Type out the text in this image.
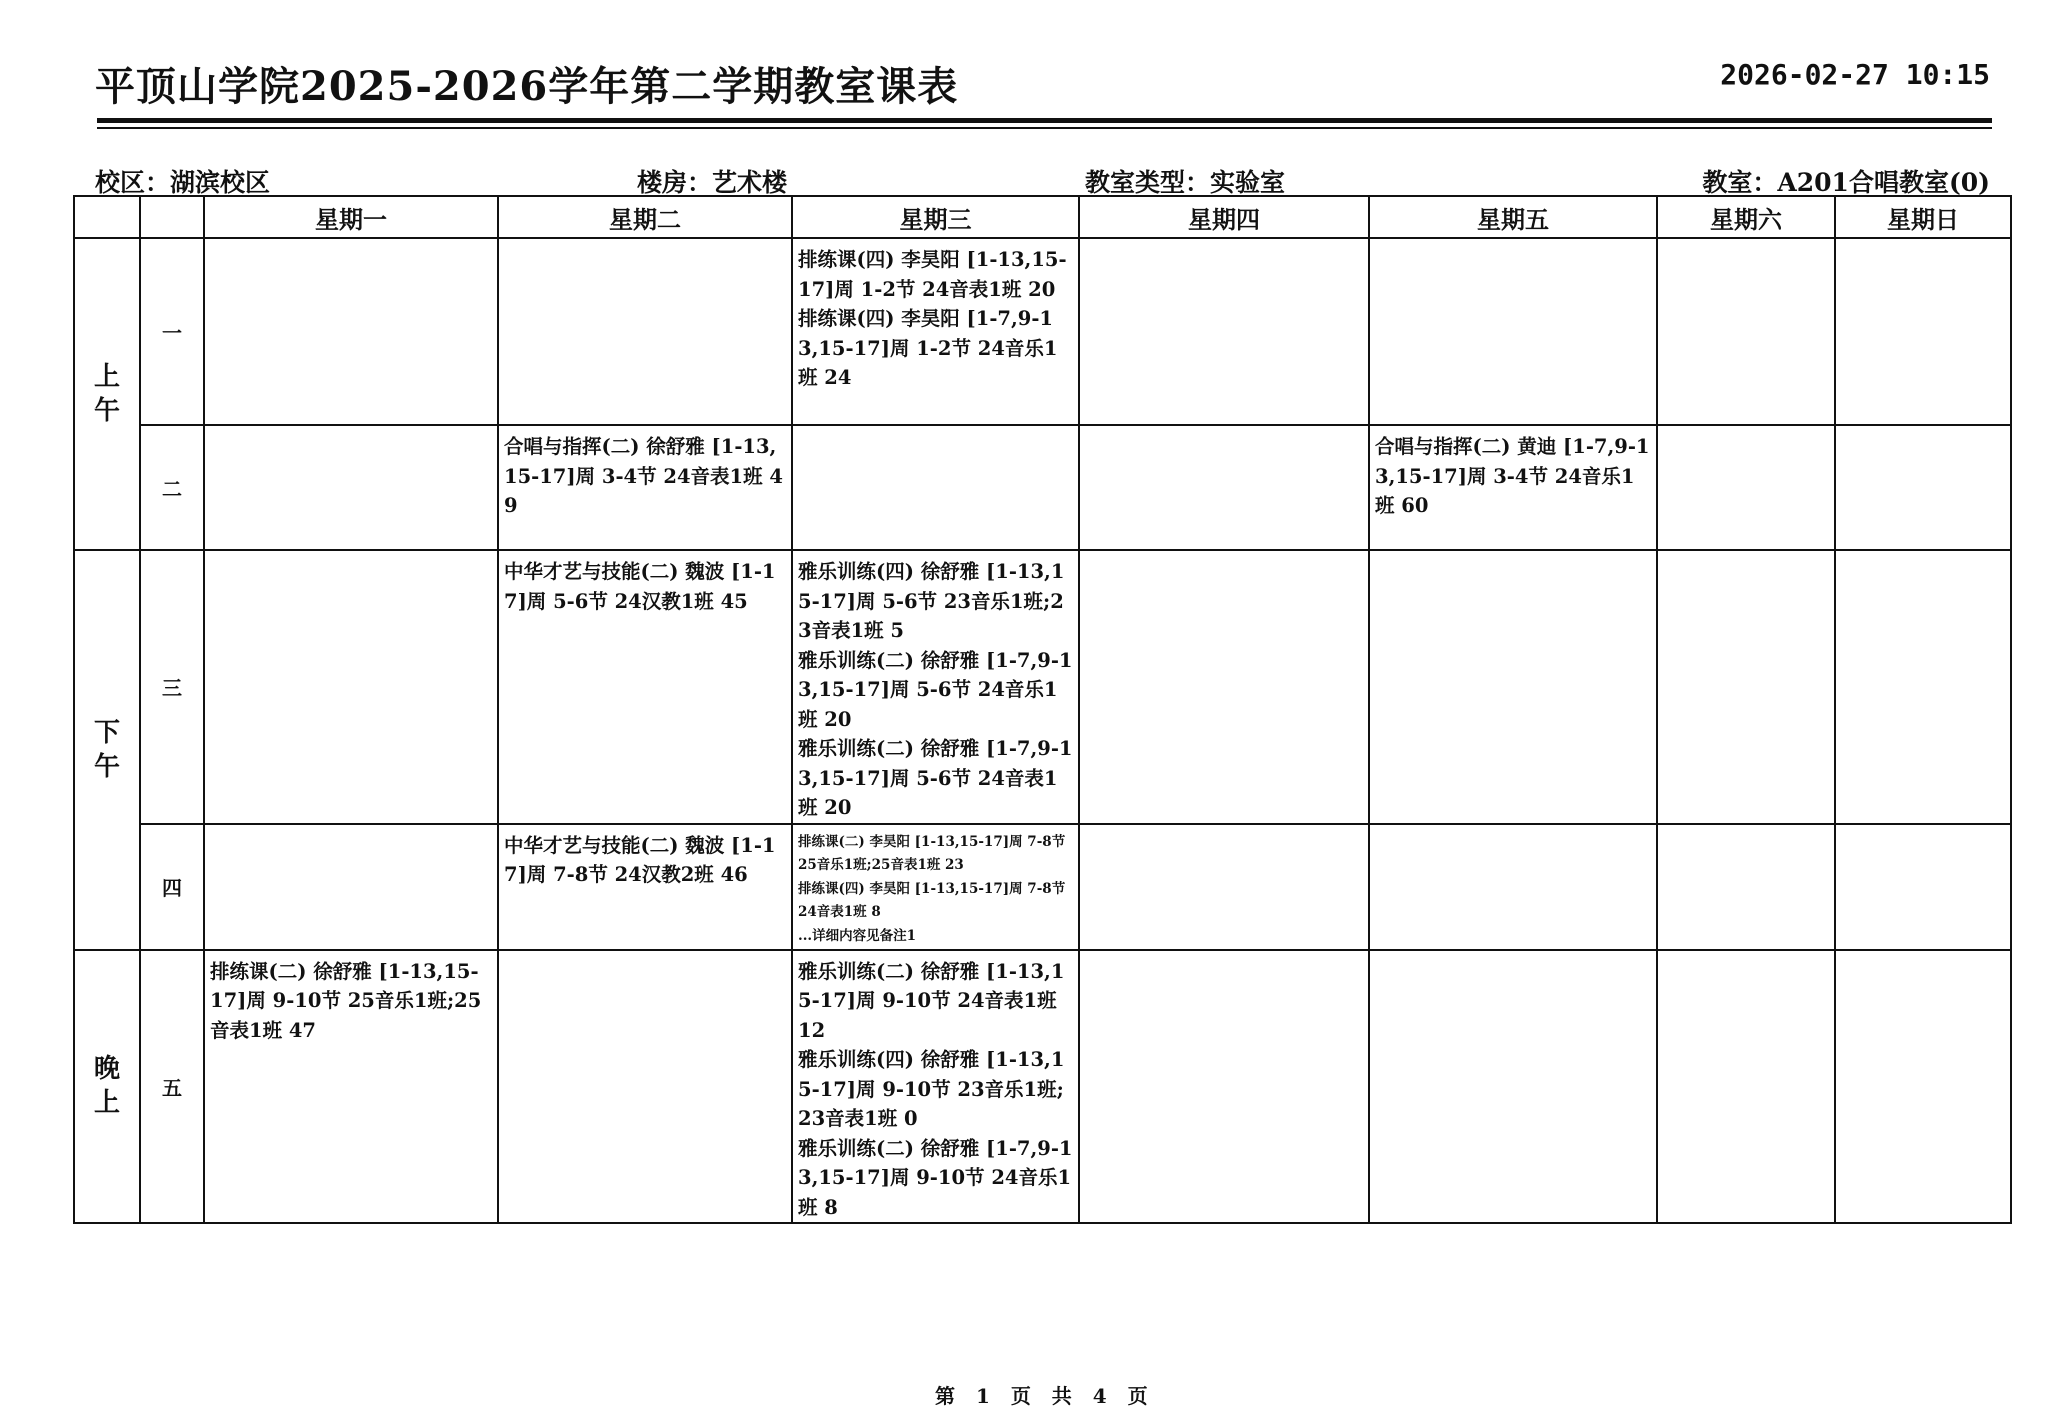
平顶山学院2025-2026学年第二学期教室课表	2026-02-27 10:15
校区：湖滨校区	楼房：艺术楼	教室类型：实验室	教室：A201合唱教室(0)
		星期一	星期二	星期三	星期四	星期五	星期六	星期日
上
午	一			排练课(四) 李昊阳 [1-13,15-17]周 1-2节 24音表1班 20
排练课(四) 李昊阳 [1-7,9-13,15-17]周 1-2节 24音乐1班 24				

	二		合唱与指挥(二) 徐舒雅 [1-13,15-17]周 3-4节 24音表1班 49			合唱与指挥(二) 黄迪 [1-7,9-13,15-17]周 3-4节 24音乐1班 60		

下
午	三		中华才艺与技能(二) 魏波 [1-17]周 5-6节 24汉教1班 45	雅乐训练(四) 徐舒雅 [1-13,15-17]周 5-6节 23音乐1班;23音表1班 5
雅乐训练(二) 徐舒雅 [1-7,9-13,15-17]周 5-6节 24音乐1班 20
雅乐训练(二) 徐舒雅 [1-7,9-13,15-17]周 5-6节 24音表1班 20				

	四		中华才艺与技能(二) 魏波 [1-17]周 7-8节 24汉教2班 46	排练课(二) 李昊阳 [1-13,15-17]周 7-8节 25音乐1班;25音表1班 23
排练课(四) 李昊阳 [1-13,15-17]周 7-8节 24音表1班 8
...详细内容见备注1				

晚
上	五	排练课(二) 徐舒雅 [1-13,15-17]周 9-10节 25音乐1班;25音表1班 47		雅乐训练(二) 徐舒雅 [1-13,15-17]周 9-10节 24音表1班 12
雅乐训练(四) 徐舒雅 [1-13,15-17]周 9-10节 23音乐1班;23音表1班 0
雅乐训练(二) 徐舒雅 [1-7,9-13,15-17]周 9-10节 24音乐1班 8				

第 1 页 共 4 页
